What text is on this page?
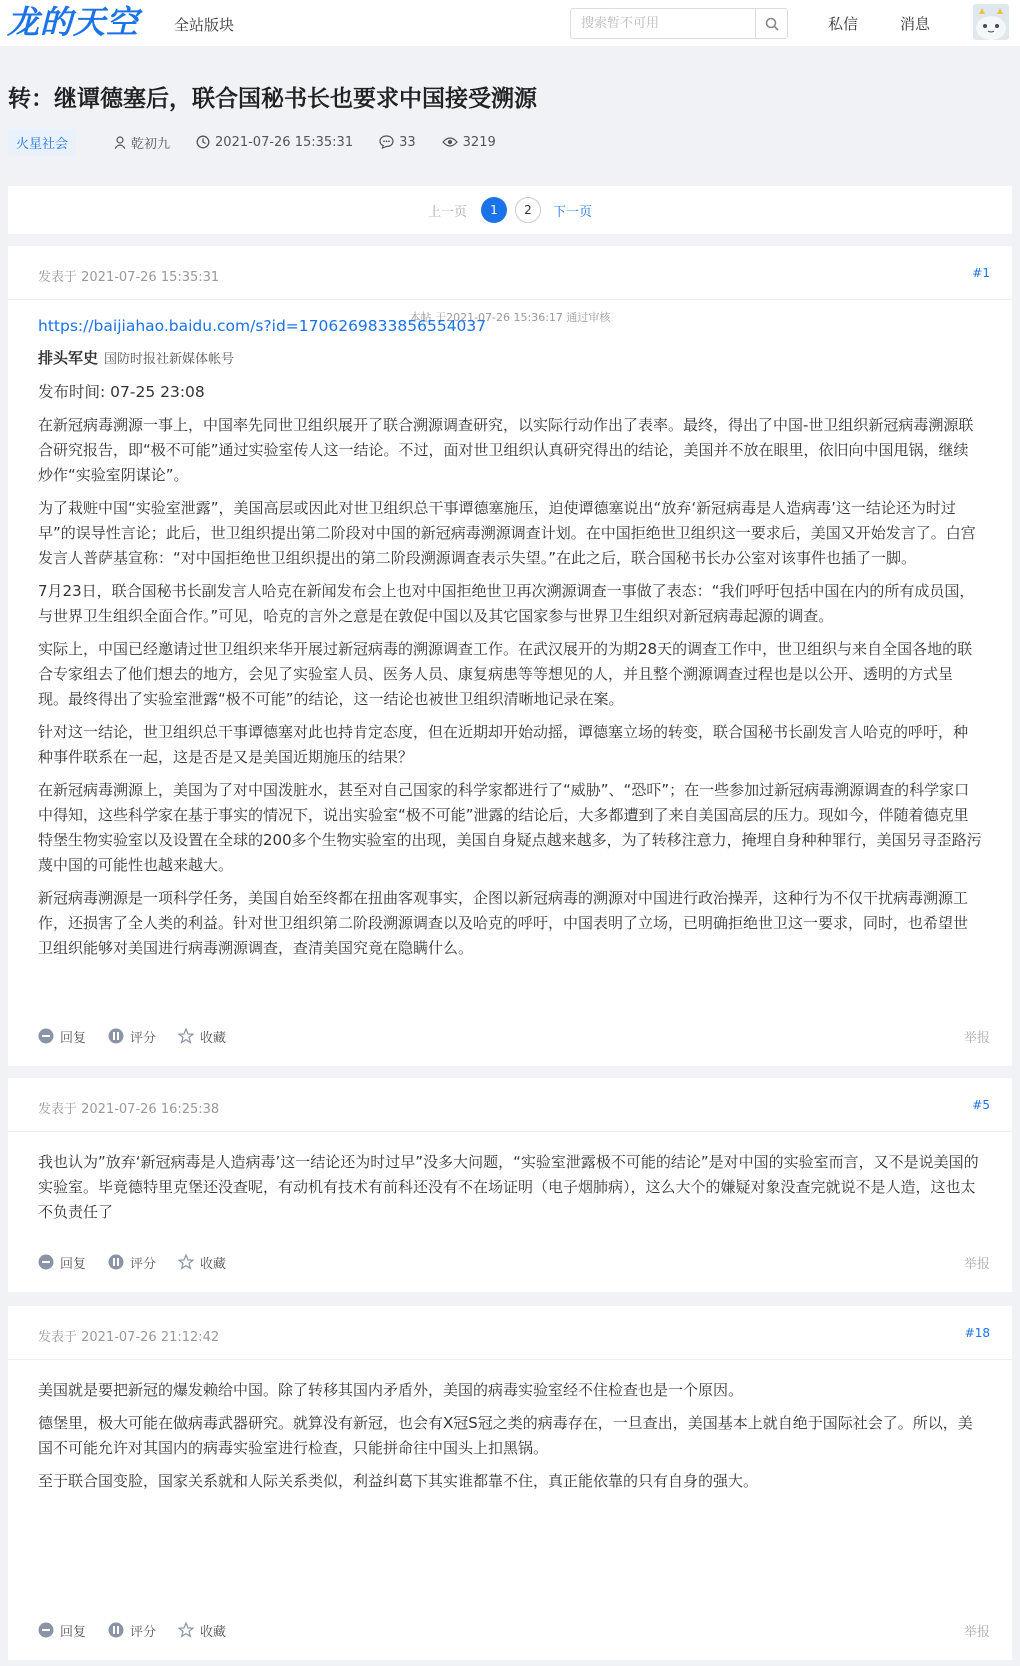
龙的天空 全站版块
搜索暂不可用	私信	消息
转：继谭德塞后，联合国秘书长也要求中国接受溯源
火星社会	乾初九	2021-07-26 15:35:31	33	3219
上一页	1	2	下一页
发表于 2021-07-26 15:35:31	#1
本帖 于2021-07-26 15:36:17 通过审核
https://baijiahao.baidu.com/s?id=1706269833856554037
排头军史 国防时报社新媒体帐号
发布时间: 07-25 23:08

在新冠病毒溯源一事上，中国率先同世卫组织展开了联合溯源调查研究，以实际行动作出了表率。最终，得出了中国-世卫组织新冠病毒溯源联合研究报告，即“极不可能”通过实验室传人这一结论。不过，面对世卫组织认真研究得出的结论，美国并不放在眼里，依旧向中国甩锅，继续炒作“实验室阴谋论”。

为了栽赃中国“实验室泄露”，美国高层或因此对世卫组织总干事谭德塞施压，迫使谭德塞说出“放弃‘新冠病毒是人造病毒’这一结论还为时过早”的误导性言论；此后，世卫组织提出第二阶段对中国的新冠病毒溯源调查计划。在中国拒绝世卫组织这一要求后，美国又开始发言了。白宫发言人普萨基宣称：“对中国拒绝世卫组织提出的第二阶段溯源调查表示失望。”在此之后，联合国秘书长办公室对该事件也插了一脚。

7月23日，联合国秘书长副发言人哈克在新闻发布会上也对中国拒绝世卫再次溯源调查一事做了表态：“我们呼吁包括中国在内的所有成员国，与世界卫生组织全面合作。”可见，哈克的言外之意是在敦促中国以及其它国家参与世界卫生组织对新冠病毒起源的调查。

实际上，中国已经邀请过世卫组织来华开展过新冠病毒的溯源调查工作。在武汉展开的为期28天的调查工作中，世卫组织与来自全国各地的联合专家组去了他们想去的地方，会见了实验室人员、医务人员、康复病患等等想见的人，并且整个溯源调查过程也是以公开、透明的方式呈现。最终得出了实验室泄露“极不可能”的结论，这一结论也被世卫组织清晰地记录在案。

针对这一结论，世卫组织总干事谭德塞对此也持肯定态度，但在近期却开始动摇，谭德塞立场的转变，联合国秘书长副发言人哈克的呼吁，种种事件联系在一起，这是否是又是美国近期施压的结果？

在新冠病毒溯源上，美国为了对中国泼脏水，甚至对自己国家的科学家都进行了“威胁”、“恐吓”；在一些参加过新冠病毒溯源调查的科学家口中得知，这些科学家在基于事实的情况下，说出实验室“极不可能”泄露的结论后，大多都遭到了来自美国高层的压力。现如今，伴随着德克里特堡生物实验室以及设置在全球的200多个生物实验室的出现，美国自身疑点越来越多，为了转移注意力，掩埋自身种种罪行，美国另寻歪路污蔑中国的可能性也越来越大。

新冠病毒溯源是一项科学任务，美国自始至终都在扭曲客观事实，企图以新冠病毒的溯源对中国进行政治操弄，这种行为不仅干扰病毒溯源工作，还损害了全人类的利益。针对世卫组织第二阶段溯源调查以及哈克的呼吁，中国表明了立场，已明确拒绝世卫这一要求，同时，也希望世卫组织能够对美国进行病毒溯源调查，查清美国究竟在隐瞒什么。

回复	评分	收藏	举报
发表于 2021-07-26 16:25:38	#5

我也认为”放弃‘新冠病毒是人造病毒’这一结论还为时过早”没多大问题，“实验室泄露极不可能的结论”是对中国的实验室而言，又不是说美国的实验室。毕竟德特里克堡还没查呢，有动机有技术有前科还没有不在场证明（电子烟肺病），这么大个的嫌疑对象没查完就说不是人造，这也太不负责任了

回复	评分	收藏	举报
发表于 2021-07-26 21:12:42	#18

美国就是要把新冠的爆发赖给中国。除了转移其国内矛盾外，美国的病毒实验室经不住检查也是一个原因。

德堡里，极大可能在做病毒武器研究。就算没有新冠，也会有X冠S冠之类的病毒存在，一旦查出，美国基本上就自绝于国际社会了。所以，美国不可能允许对其国内的病毒实验室进行检查，只能拼命往中国头上扣黑锅。

至于联合国变脸，国家关系就和人际关系类似，利益纠葛下其实谁都靠不住，真正能依靠的只有自身的强大。

回复	评分	收藏	举报
